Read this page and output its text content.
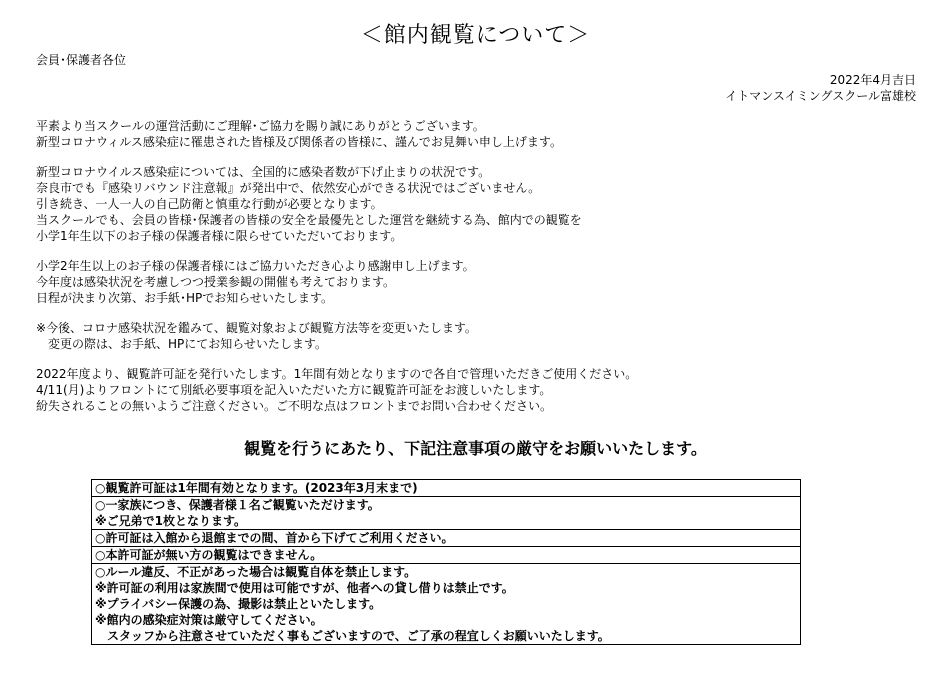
＜館内観覧について＞
会員･保護者各位
2022年4月吉日
イトマンスイミングスクール富雄校
平素より当スクールの運営活動にご理解･ご協力を賜り誠にありがとうございます。
新型コロナウィルス感染症に罹患された皆様及び関係者の皆様に、謹んでお見舞い申し上げます。
新型コロナウイルス感染症については、全国的に感染者数が下げ止まりの状況です。
奈良市でも『感染リバウンド注意報』が発出中で、依然安心ができる状況ではございません。
引き続き、一人一人の自己防衛と慎重な行動が必要となります。
当スクールでも、会員の皆様･保護者の皆様の安全を最優先とした運営を継続する為、館内での観覧を
小学1年生以下のお子様の保護者様に限らせていただいております。
小学2年生以上のお子様の保護者様にはご協力いただき心より感謝申し上げます。
今年度は感染状況を考慮しつつ授業参観の開催も考えております。
日程が決まり次第、お手紙･HPでお知らせいたします。
※今後、コロナ感染状況を鑑みて、観覧対象および観覧方法等を変更いたします。
　変更の際は、お手紙、HPにてお知らせいたします。
2022年度より、観覧許可証を発行いたします。1年間有効となりますので各自で管理いただきご使用ください。
4/11(月)よりフロントにて別紙必要事項を記入いただいた方に観覧許可証をお渡しいたします。
紛失されることの無いようご注意ください。ご不明な点はフロントまでお問い合わせください。
観覧を行うにあたり、下記注意事項の厳守をお願いいたします。
○観覧許可証は1年間有効となります。(2023年3月末まで)
○一家族につき、保護者様１名ご観覧いただけます。
※ご兄弟で1枚となります。
○許可証は入館から退館までの間、首から下げてご利用ください。
○本許可証が無い方の観覧はできません。
○ルール違反、不正があった場合は観覧自体を禁止します。
※許可証の利用は家族間で使用は可能ですが、他者への貸し借りは禁止です。
※プライバシー保護の為、撮影は禁止といたします。
※館内の感染症対策は厳守してください。
　スタッフから注意させていただく事もございますので、ご了承の程宜しくお願いいたします。
